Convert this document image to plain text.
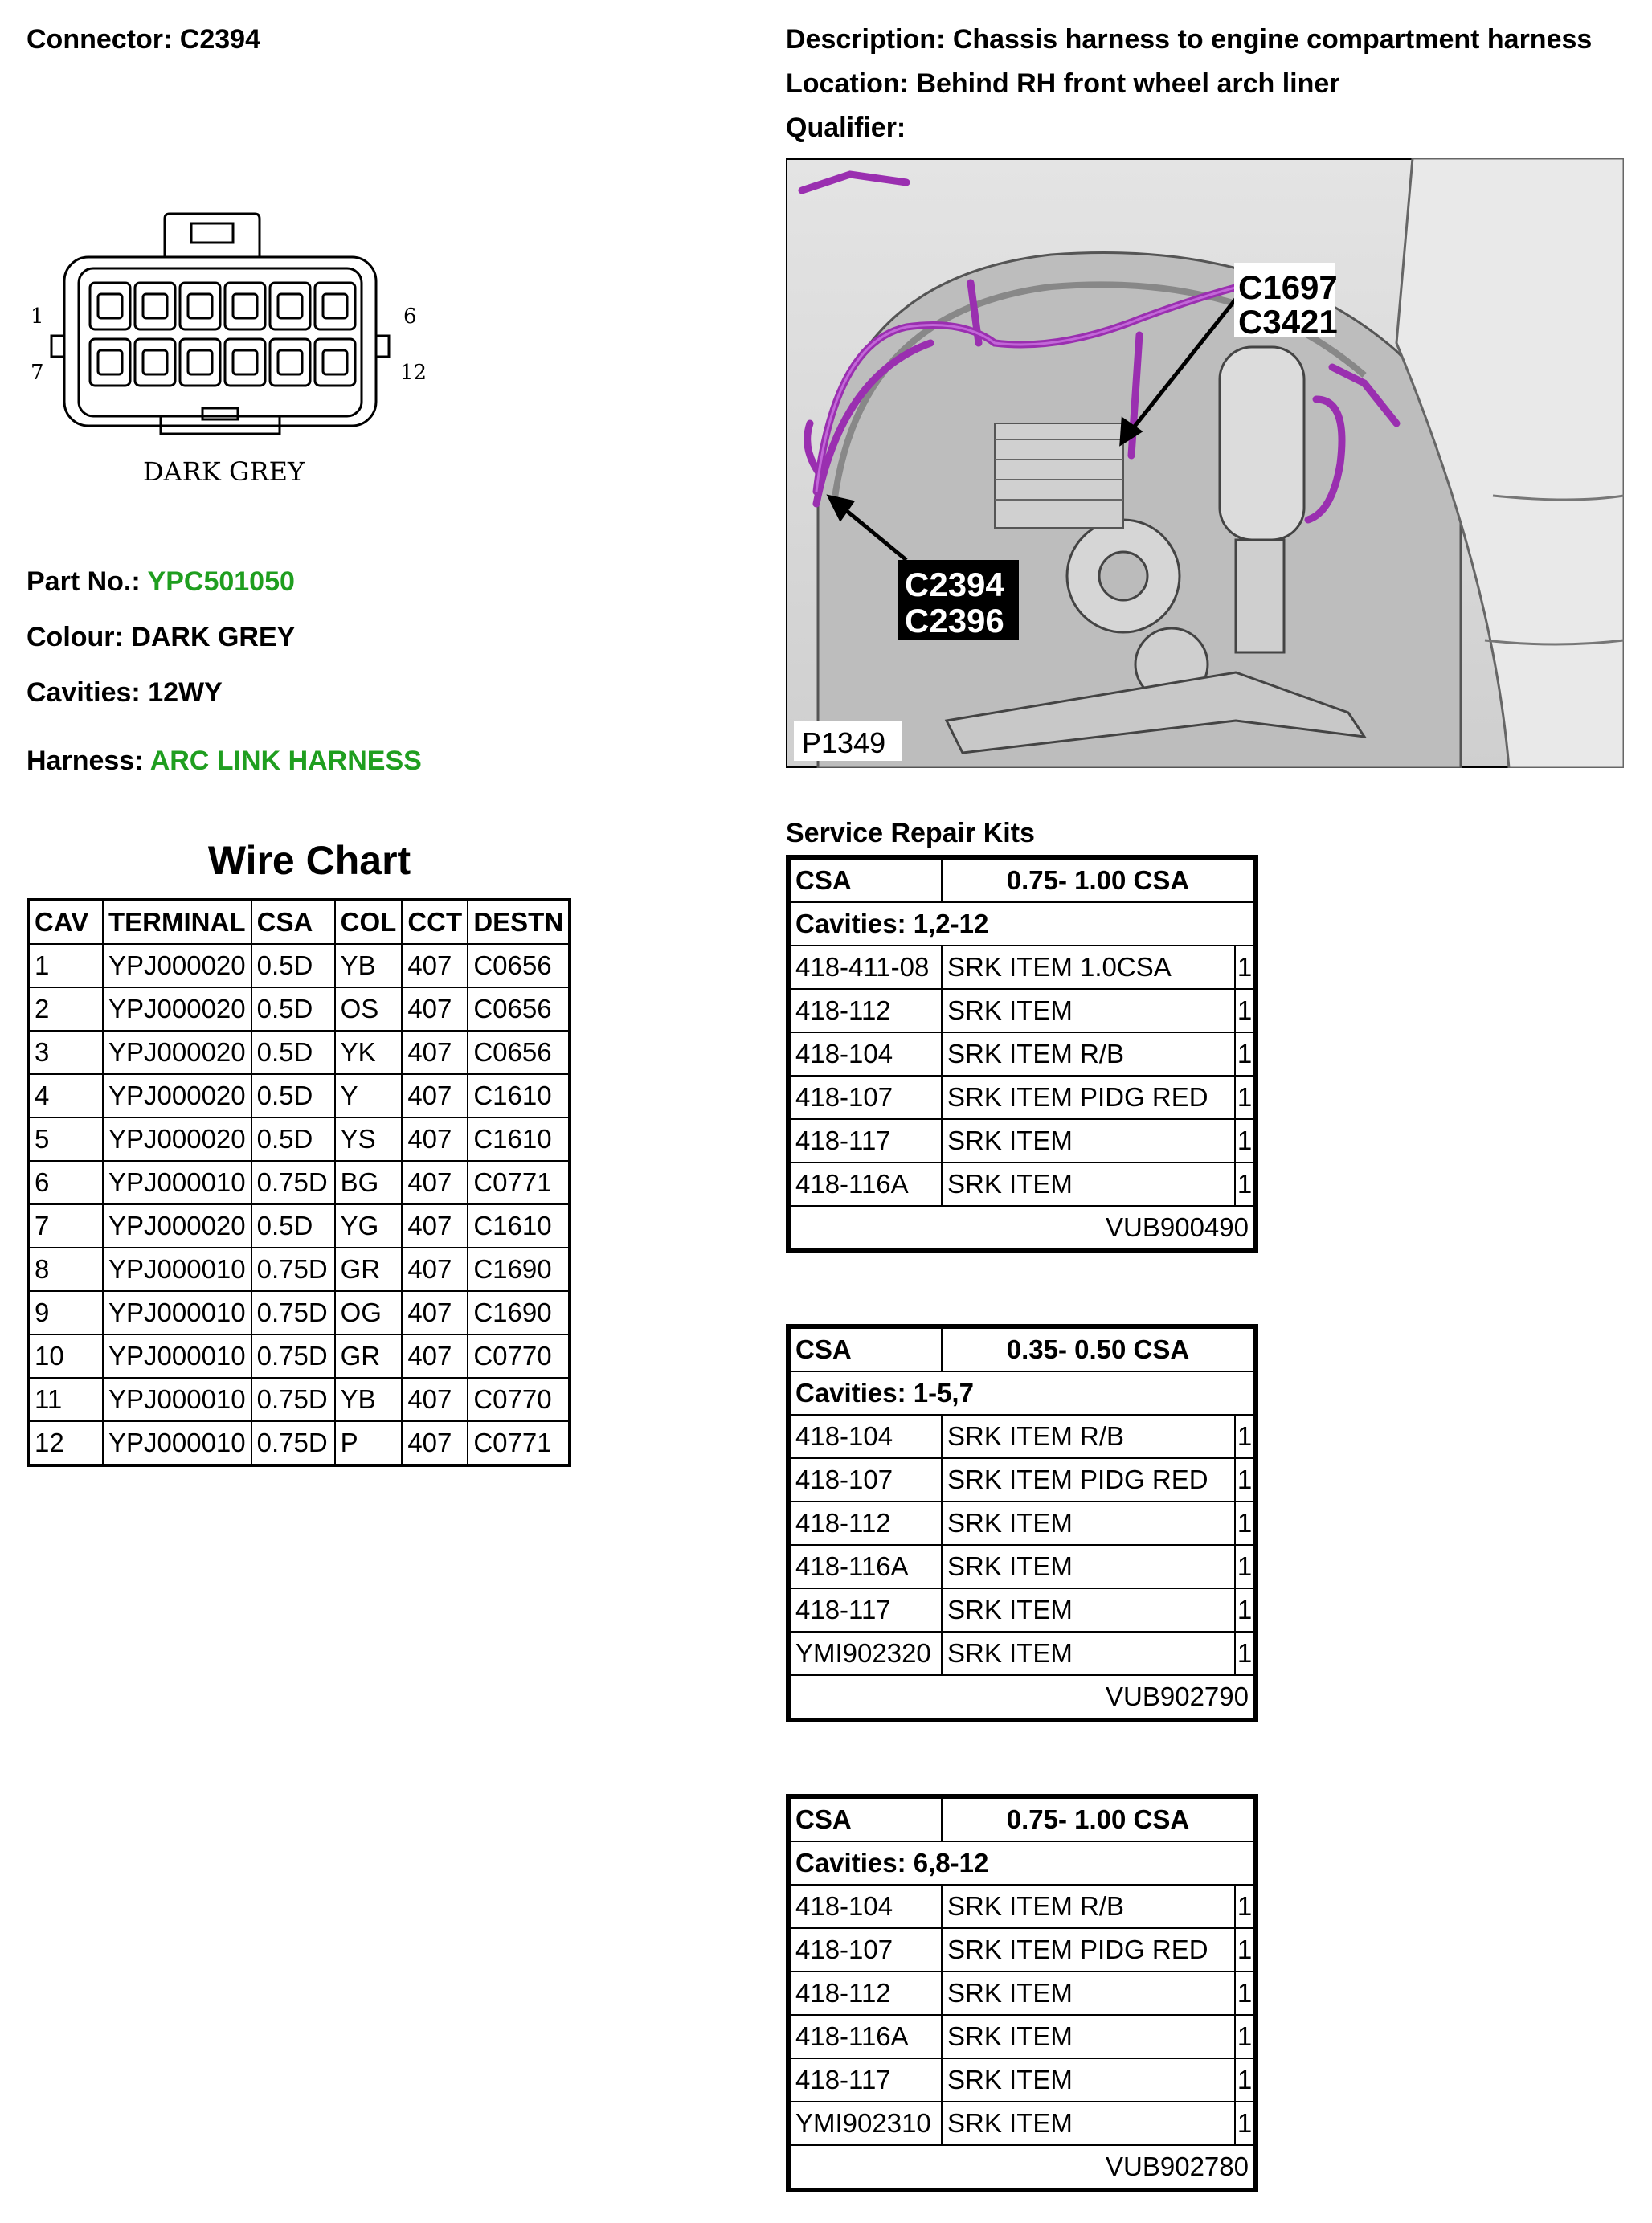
Connector: C2394	Description: Chassis harness to engine compartment harness
Location: Behind RH front wheel arch liner
Qualifier:
1	6
7	12
DARK GREY
Part No.: YPC501050
Colour: DARK GREY
Cavities: 12WY
Harness: ARC LINK HARNESS
C1697
C3421
C2394
C2396
P1349
Wire Chart
CAV	TERMINAL	CSA	COL	CCT	DESTN
1	YPJ000020	0.5D	YB	407	C0656
2	YPJ000020	0.5D	OS	407	C0656
3	YPJ000020	0.5D	YK	407	C0656
4	YPJ000020	0.5D	Y	407	C1610
5	YPJ000020	0.5D	YS	407	C1610
6	YPJ000010	0.75D	BG	407	C0771
7	YPJ000020	0.5D	YG	407	C1610
8	YPJ000010	0.75D	GR	407	C1690
9	YPJ000010	0.75D	OG	407	C1690
10	YPJ000010	0.75D	GR	407	C0770
11	YPJ000010	0.75D	YB	407	C0770
12	YPJ000010	0.75D	P	407	C0771
Service Repair Kits
CSA	0.75- 1.00 CSA	
Cavities: 1,2-12		
418-411-08	SRK ITEM 1.0CSA	1
418-112	SRK ITEM	1
418-104	SRK ITEM R/B	1
418-107	SRK ITEM PIDG RED	1
418-117	SRK ITEM	1
418-116A	SRK ITEM	1
VUB900490		
CSA	0.35- 0.50 CSA	
Cavities: 1-5,7		
418-104	SRK ITEM R/B	1
418-107	SRK ITEM PIDG RED	1
418-112	SRK ITEM	1
418-116A	SRK ITEM	1
418-117	SRK ITEM	1
YMI902320	SRK ITEM	1
VUB902790		
CSA	0.75- 1.00 CSA	
Cavities: 6,8-12		
418-104	SRK ITEM R/B	1
418-107	SRK ITEM PIDG RED	1
418-112	SRK ITEM	1
418-116A	SRK ITEM	1
418-117	SRK ITEM	1
YMI902310	SRK ITEM	1
VUB902780		
